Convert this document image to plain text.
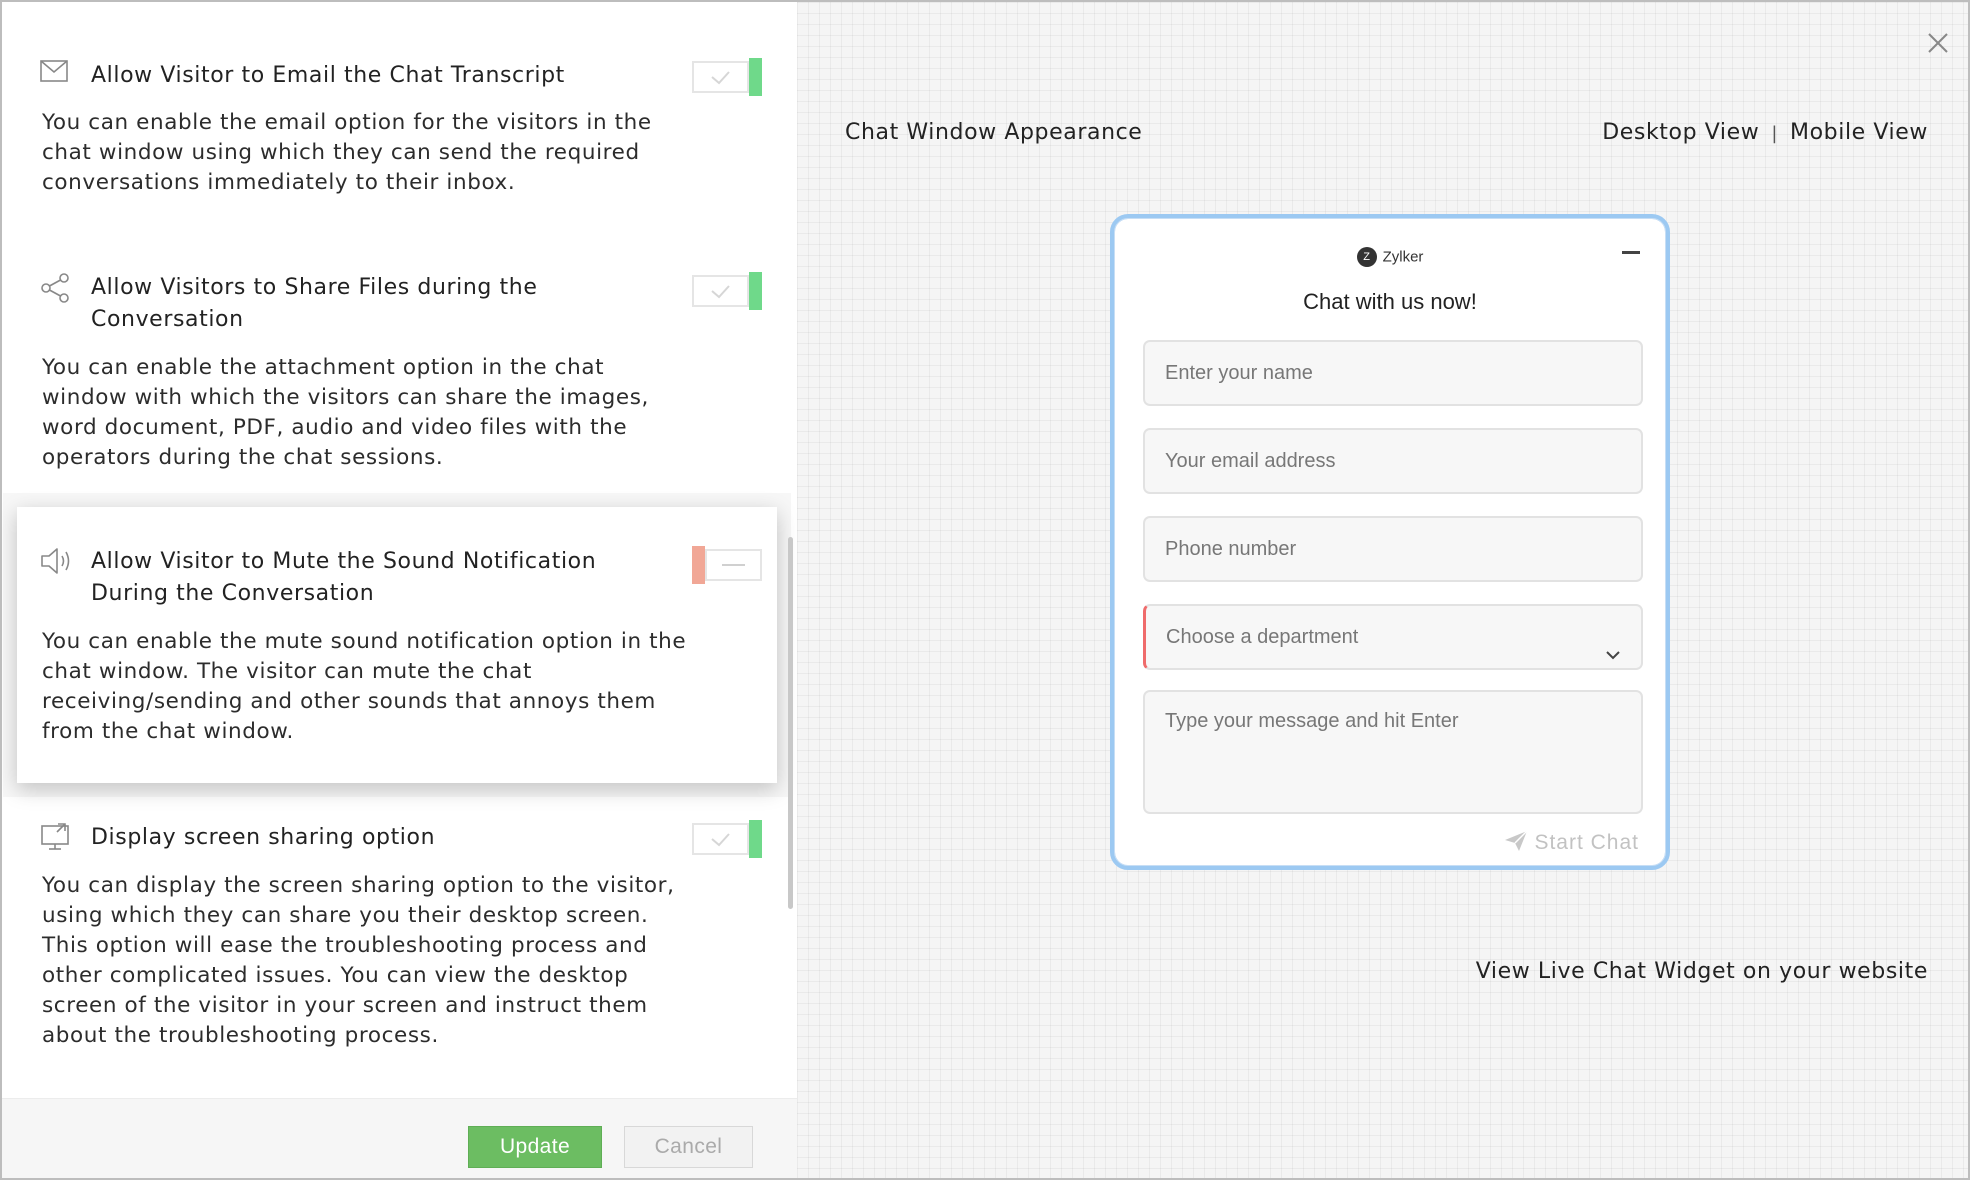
Allow Visitor to Email the Chat Transcript
You can enable the email option for the visitors in the chat window using which they can send the required conversations immediately to their inbox.
Allow Visitors to Share Files during the
Conversation
You can enable the attachment option in the chat window with which the visitors can share the images, word document, PDF, audio and video files with the operators during the chat sessions.
Allow Visitor to Mute the Sound Notification
During the Conversation
You can enable the mute sound notification option in the chat window. The visitor can mute the chat receiving/sending and other sounds that annoys them from the chat window.
Display screen sharing option
You can display the screen sharing option to the visitor, using which they can share you their desktop screen. This option will ease the troubleshooting process and other complicated issues. You can view the desktop screen of the visitor in your screen and instruct them about the troubleshooting process.
Update	Cancel
Chat Window Appearance	Desktop View | Mobile View
Z Zylker
Chat with us now!
Enter your name
Your email address
Phone number
Choose a department
Type your message and hit Enter
Start Chat
View Live Chat Widget on your website
